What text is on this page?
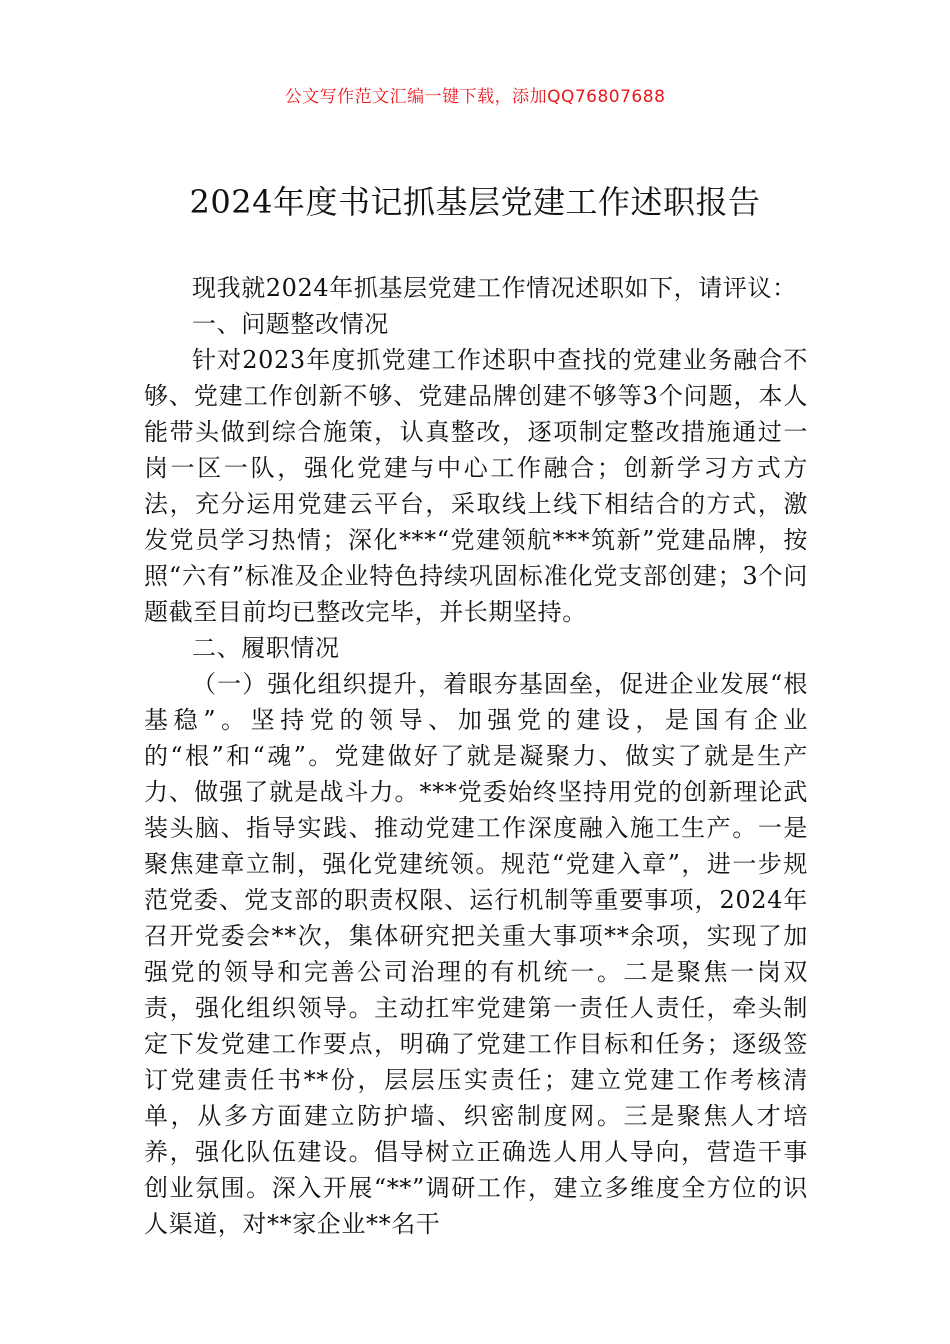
公文写作范文汇编一键下载，添加QQ76807688
2024年度书记抓基层党建工作述职报告

现我就2024年抓基层党建工作情况述职如下，请评议：

一、问题整改情况

针对2023年度抓党建工作述职中查找的党建业务融合不够、党建工作创新不够、党建品牌创建不够等3个问题，本人能带头做到综合施策，认真整改，逐项制定整改措施通过一岗一区一队，强化党建与中心工作融合；创新学习方式方法，充分运用党建云平台，采取线上线下相结合的方式，激发党员学习热情；深化***“党建领航***筑新”党建品牌，按照“六有”标准及企业特色持续巩固标准化党支部创建；3个问题截至目前均已整改完毕，并长期坚持。

二、履职情况

（一）强化组织提升，着眼夯基固垒，促进企业发展“根基稳”。坚持党的领导、加强党的建设，是国有企业的“根”和“魂”。党建做好了就是凝聚力、做实了就是生产力、做强了就是战斗力。***党委始终坚持用党的创新理论武装头脑、指导实践、推动党建工作深度融入施工生产。一是聚焦建章立制，强化党建统领。规范“党建入章”，进一步规范党委、党支部的职责权限、运行机制等重要事项，2024年召开党委会**次，集体研究把关重大事项**余项，实现了加强党的领导和完善公司治理的有机统一。二是聚焦一岗双责，强化组织领导。主动扛牢党建第一责任人责任，牵头制定下发党建工作要点，明确了党建工作目标和任务；逐级签订党建责任书**份，层层压实责任；建立党建工作考核清单，从多方面建立防护墙、织密制度网。三是聚焦人才培养，强化队伍建设。倡导树立正确选人用人导向，营造干事创业氛围。深入开展“**”调研工作，建立多维度全方位的识人渠道，对**家企业**名干
